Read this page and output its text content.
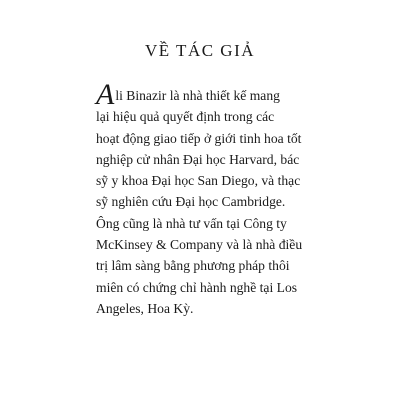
VỀ TÁC GIẢ
Ali Binazir là nhà thiết kế mang
lại hiệu quả quyết định trong các
hoạt động giao tiếp ở giới tinh hoa tốt
nghiệp cử nhân Đại học Harvard, bác
sỹ y khoa Đại học San Diego, và thạc
sỹ nghiên cứu Đại học Cambridge.
Ông cũng là nhà tư vấn tại Công ty
McKinsey & Company và là nhà điều
trị lâm sàng bằng phương pháp thôi
miên có chứng chỉ hành nghề tại Los
Angeles, Hoa Kỳ.
